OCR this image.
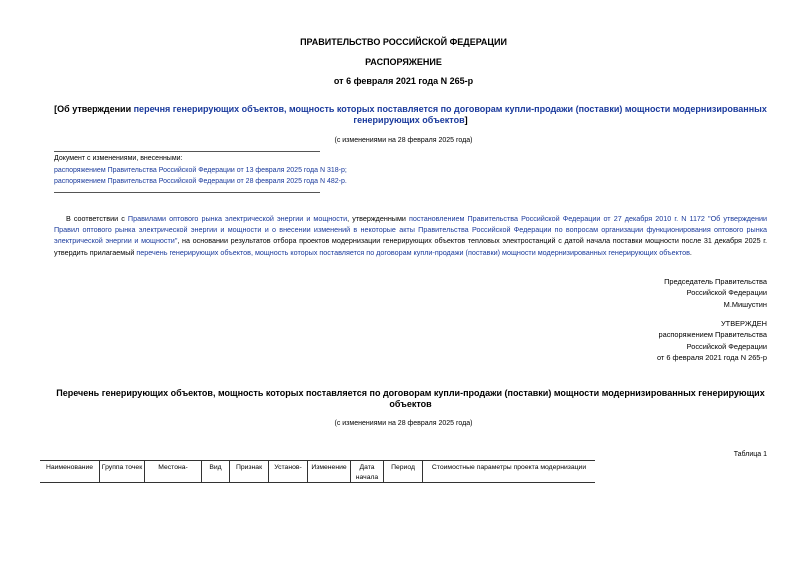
ПРАВИТЕЛЬСТВО РОССИЙСКОЙ ФЕДЕРАЦИИ
РАСПОРЯЖЕНИЕ
от 6 февраля 2021 года N 265-р
[Об утверждении перечня генерирующих объектов, мощность которых поставляется по договорам купли-продажи (поставки) мощности модернизированных генерирующих объектов]
(с изменениями на 28 февраля 2025 года)
Документ с изменениями, внесенными:
распоряжением Правительства Российской Федерации от 13 февраля 2025 года N 318-р;
распоряжением Правительства Российской Федерации от 28 февраля 2025 года N 482-р.
В соответствии с Правилами оптового рынка электрической энергии и мощности, утвержденными постановлением Правительства Российской Федерации от 27 декабря 2010 г. N 1172 "Об утверждении Правил оптового рынка электрической энергии и мощности и о внесении изменений в некоторые акты Правительства Российской Федерации по вопросам организации функционирования оптового рынка электрической энергии и мощности", на основании результатов отбора проектов модернизации генерирующих объектов тепловых электростанций с датой начала поставки мощности после 31 декабря 2025 г. утвердить прилагаемый перечень генерирующих объектов, мощность которых поставляется по договорам купли-продажи (поставки) мощности модернизированных генерирующих объектов.
Председатель Правительства
Российской Федерации
М.Мишустин
УТВЕРЖДЕН
распоряжением Правительства
Российской Федерации
от 6 февраля 2021 года N 265-р
Перечень генерирующих объектов, мощность которых поставляется по договорам купли-продажи (поставки) мощности модернизированных генерирующих объектов
(с изменениями на 28 февраля 2025 года)
Таблица 1
Наименование	Группа точек	Местона-	Вид	Признак	Установ-	Изменение	Дата начала	Период	Стоимостные параметры проекта модернизации
